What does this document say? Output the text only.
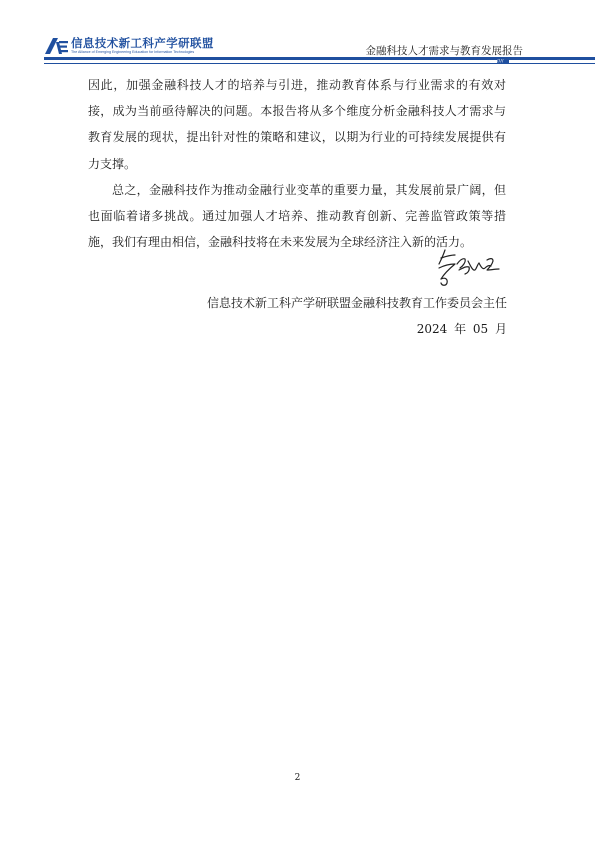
信息技术新工科产学研联盟
The Alliance of Emerging Engineering Education for Information Technologies	金融科技人才需求与教育发展报告
////

因此，加强金融科技人才的培养与引进，推动教育体系与行业需求的有效对接，成为当前亟待解决的问题。本报告将从多个维度分析金融科技人才需求与教育发展的现状，提出针对性的策略和建议，以期为行业的可持续发展提供有力支撑。

总之，金融科技作为推动金融行业变革的重要力量，其发展前景广阔，但也面临着诸多挑战。通过加强人才培养、推动教育创新、完善监管政策等措施，我们有理由相信，金融科技将在未来发展为全球经济注入新的活力。

信息技术新工科产学研联盟金融科技教育工作委员会主任
2024 年 05 月
2
